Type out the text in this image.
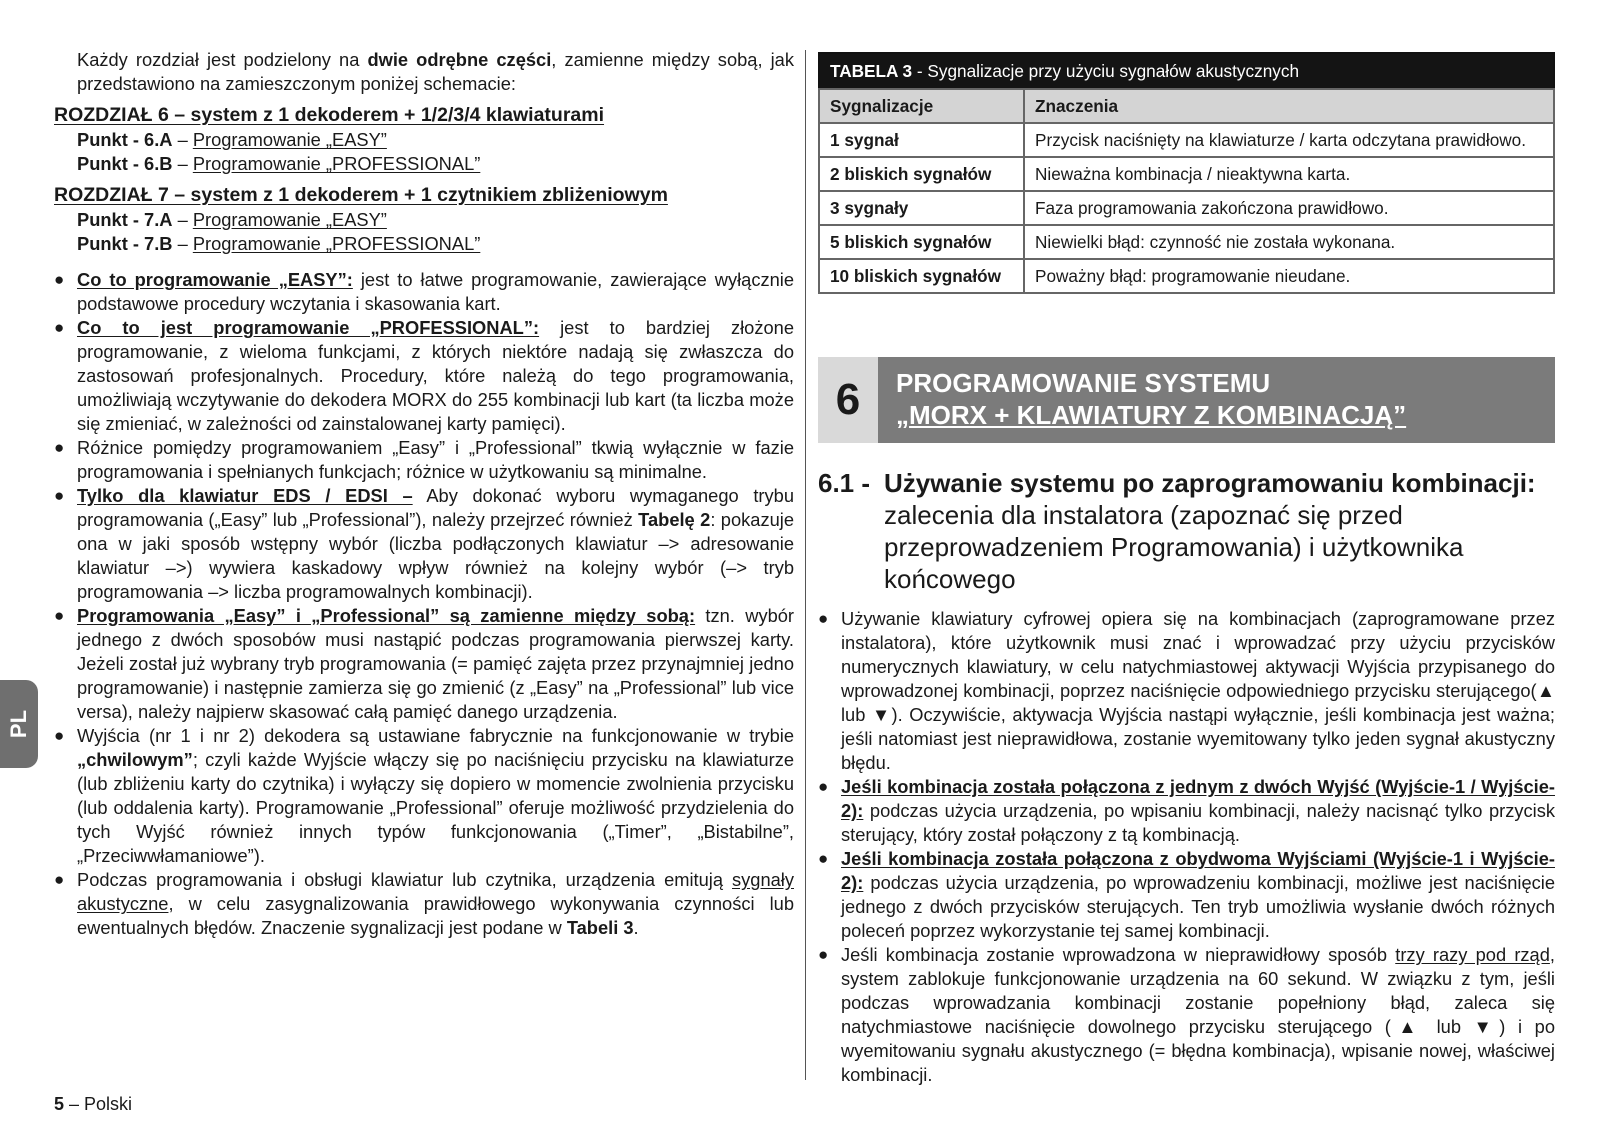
PL

Każdy rozdział jest podzielony na dwie odrębne części, zamienne między sobą, jak przedstawiono na zamieszczonym poniżej schemacie:

ROZDZIAŁ 6 – system z 1 dekoderem + 1/2/3/4 klawiaturami
Punkt - 6.A – Programowanie „EASY”
Punkt - 6.B – Programowanie „PROFESSIONAL”
ROZDZIAŁ 7 – system z 1 dekoderem + 1 czytnikiem zbliżeniowym
Punkt - 7.A – Programowanie „EASY”
Punkt - 7.B – Programowanie „PROFESSIONAL”

● Co to programowanie „EASY”: jest to łatwe programowanie, zawierające wyłącznie podstawowe procedury wczytania i skasowania kart.

● Co to jest programowanie „PROFESSIONAL”: jest to bardziej złożone programowanie, z wieloma funkcjami, z których niektóre nadają się zwłaszcza do zastosowań profesjonalnych. Procedury, które należą do tego programowania, umożliwiają wczytywanie do dekodera MORX do 255 kombinacji lub kart (ta liczba może się zmieniać, w zależności od zainstalowanej karty pamięci).

● Różnice pomiędzy programowaniem „Easy” i „Professional” tkwią wyłącznie w fazie programowania i spełnianych funkcjach; różnice w użytkowaniu są minimalne.

● Tylko dla klawiatur EDS / EDSI – Aby dokonać wyboru wymaganego trybu programowania („Easy” lub „Professional”), należy przejrzeć również Tabelę 2: pokazuje ona w jaki sposób wstępny wybór (liczba podłączonych klawiatur –> adresowanie klawiatur –>) wywiera kaskadowy wpływ również na kolejny wybór (–> tryb programowania –> liczba programowalnych kombinacji).

● Programowania „Easy” i „Professional” są zamienne między sobą: tzn. wybór jednego z dwóch sposobów musi nastąpić podczas programowania pierwszej karty. Jeżeli został już wybrany tryb programowania (= pamięć zajęta przez przynajmniej jedno programowanie) i następnie zamierza się go zmienić (z „Easy” na „Professional” lub vice versa), należy najpierw skasować całą pamięć danego urządzenia.

● Wyjścia (nr 1 i nr 2) dekodera są ustawiane fabrycznie na funkcjonowanie w trybie „chwilowym”; czyli każde Wyjście włączy się po naciśnięciu przycisku na klawiaturze (lub zbliżeniu karty do czytnika) i wyłączy się dopiero w momencie zwolnienia przycisku (lub oddalenia karty). Programowanie „Professional” oferuje możliwość przydzielenia do tych Wyjść również innych typów funkcjonowania („Timer”, „Bistabilne”, „Przeciwwłamaniowe”).

● Podczas programowania i obsługi klawiatur lub czytnika, urządzenia emitują sygnały akustyczne, w celu zasygnalizowania prawidłowego wykonywania czynności lub ewentualnych błędów. Znaczenie sygnalizacji jest podane w Tabeli 3.

TABELA 3 - Sygnalizacje przy użyciu sygnałów akustycznych	
Sygnalizacje	Znaczenia
1 sygnał	Przycisk naciśnięty na klawiaturze / karta odczytana prawidłowo.
2 bliskich sygnałów	Nieważna kombinacja / nieaktywna karta.
3 sygnały	Faza programowania zakończona prawidłowo.
5 bliskich sygnałów	Niewielki błąd: czynność nie została wykonana.
10 bliskich sygnałów	Poważny błąd: programowanie nieudane.
6	PROGRAMOWANIE SYSTEMU
„MORX + KLAWIATURY Z KOMBINACJĄ”
6.1 - Używanie systemu po zaprogramowaniu kombinacji: zalecenia dla instalatora (zapoznać się przed przeprowadzeniem Programowania) i użytkownika końcowego

● Używanie klawiatury cyfrowej opiera się na kombinacjach (zaprogramowane przez instalatora), które użytkownik musi znać i wprowadzać przy użyciu przycisków numerycznych klawiatury, w celu natychmiastowej aktywacji Wyjścia przypisanego do wprowadzonej kombinacji, poprzez naciśnięcie odpowiedniego przycisku sterującego(▲ lub ▼). Oczywiście, aktywacja Wyjścia nastąpi wyłącznie, jeśli kombinacja jest ważna; jeśli natomiast jest nieprawidłowa, zostanie wyemitowany tylko jeden sygnał akustyczny błędu.

● Jeśli kombinacja została połączona z jednym z dwóch Wyjść (Wyjście-1 / Wyjście-2): podczas użycia urządzenia, po wpisaniu kombinacji, należy nacisnąć tylko przycisk sterujący, który został połączony z tą kombinacją.

● Jeśli kombinacja została połączona z obydwoma Wyjściami (Wyjście-1 i Wyjście-2): podczas użycia urządzenia, po wprowadzeniu kombinacji, możliwe jest naciśnięcie jednego z dwóch przycisków sterujących. Ten tryb umożliwia wysłanie dwóch różnych poleceń poprzez wykorzystanie tej samej kombinacji.

● Jeśli kombinacja zostanie wprowadzona w nieprawidłowy sposób trzy razy pod rząd, system zablokuje funkcjonowanie urządzenia na 60 sekund. W związku z tym, jeśli podczas wprowadzania kombinacji zostanie popełniony błąd, zaleca się natychmiastowe naciśnięcie dowolnego przycisku sterującego (▲ lub ▼) i po wyemitowaniu sygnału akustycznego (= błędna kombinacja), wpisanie nowej, właściwej kombinacji.

5 – Polski
